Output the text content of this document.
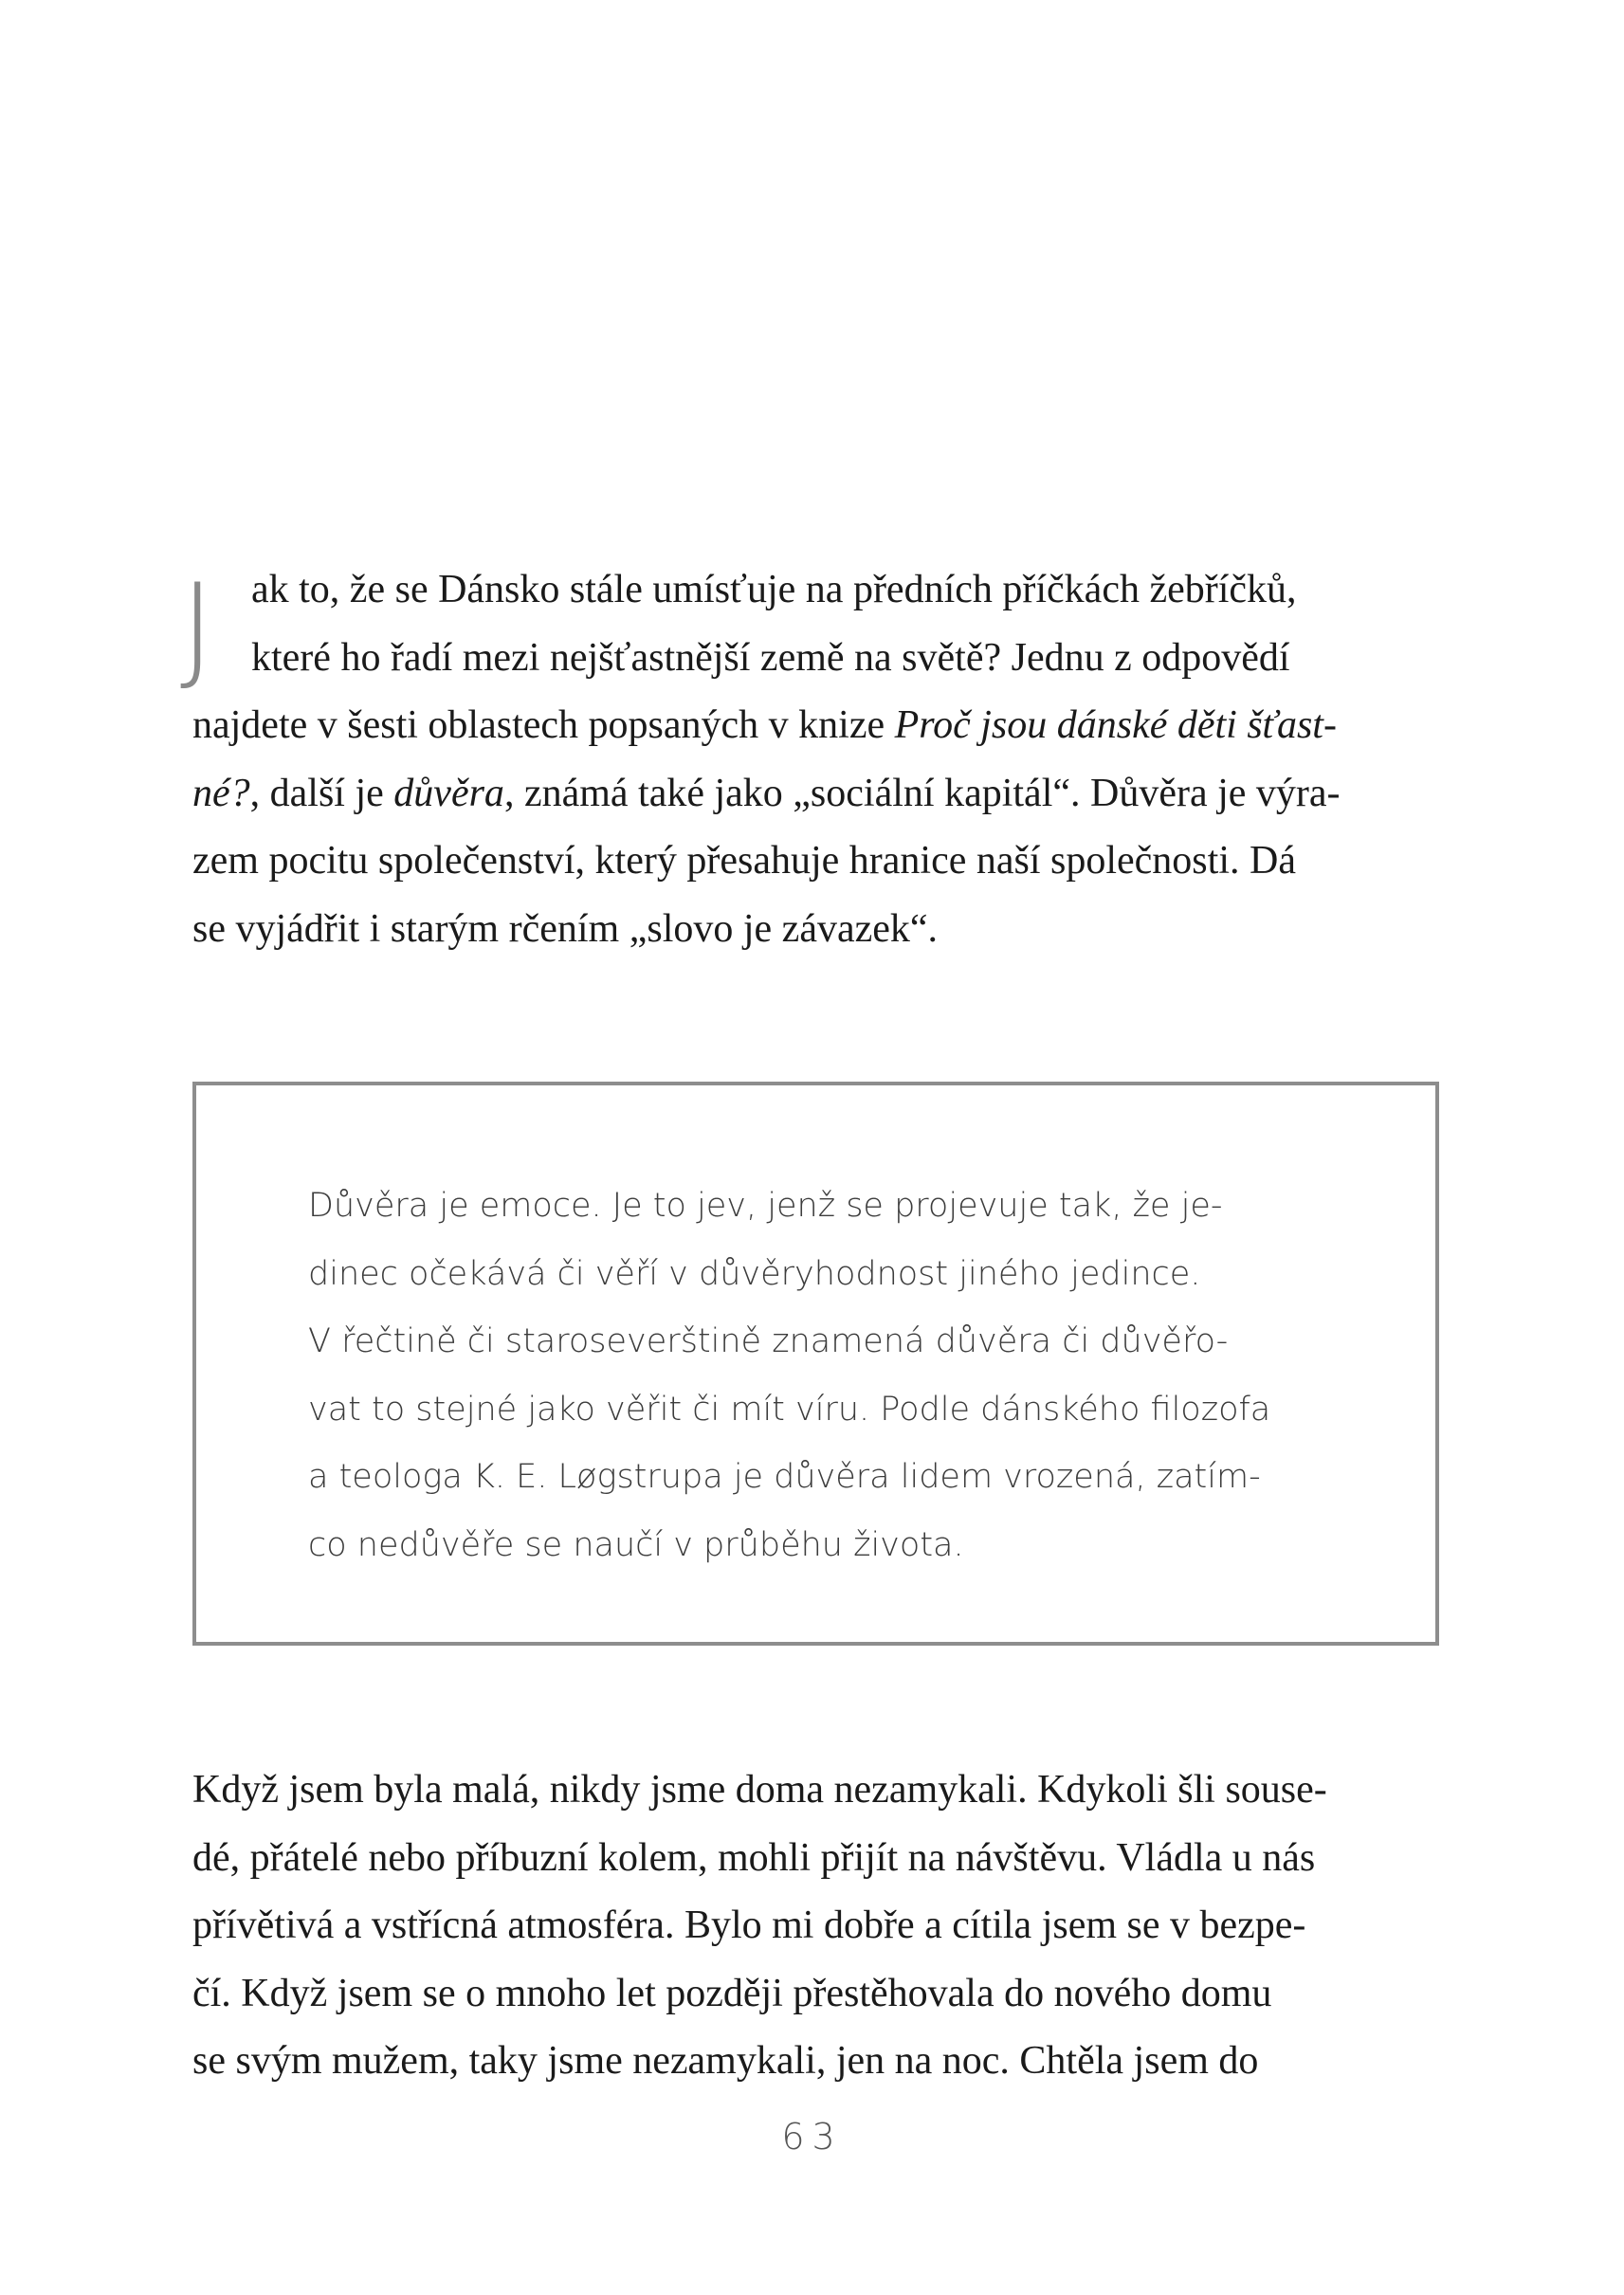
J ak to, že se Dánsko stále umísťuje na předních příčkách žebříčků,
které ho řadí mezi nejšťastnější země na světě? Jednu z odpovědí
najdete v šesti oblastech popsaných v knize Proč jsou dánské děti šťast-
né?, další je důvěra, známá také jako „sociální kapitál“. Důvěra je výra-
zem pocitu společenství, který přesahuje hranice naší společnosti. Dá
se vyjádřit i starým rčením „slovo je závazek“.
Důvěra je emoce. Je to jev, jenž se projevuje tak, že je-
dinec očekává či věří v důvěryhodnost jiného jedince.
V řečtině či staroseverštině znamená důvěra či důvěřo-
vat to stejné jako věřit či mít víru. Podle dánského filozofa
a teologa K. E. Løgstrupa je důvěra lidem vrozená, zatím-
co nedůvěře se naučí v průběhu života.
Když jsem byla malá, nikdy jsme doma nezamykali. Kdykoli šli souse-
dé, přátelé nebo příbuzní kolem, mohli přijít na návštěvu. Vládla u nás
přívětivá a vstřícná atmosféra. Bylo mi dobře a cítila jsem se v bezpe-
čí. Když jsem se o mnoho let později přestěhovala do nového domu
se svým mužem, taky jsme nezamykali, jen na noc. Chtěla jsem do
63
